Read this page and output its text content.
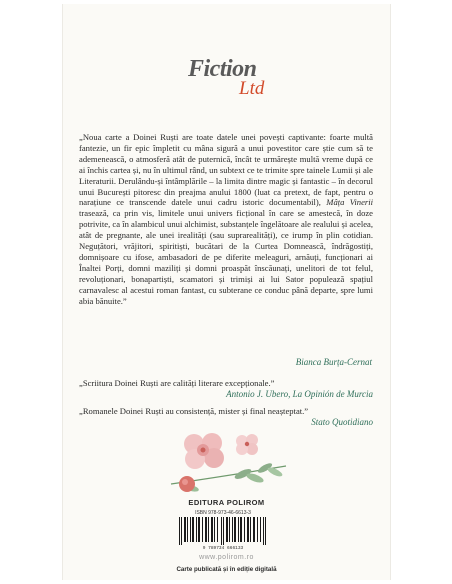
Fiction
Ltd
„Noua carte a Doinei Ruști are toate datele unei povești captivante: foarte multă fantezie, un fir epic împletit cu mâna sigură a unui povestitor care știe cum să te ademenească, o atmosferă atât de puternică, încât te urmărește multă vreme după ce ai închis cartea și, nu în ultimul rând, un subtext ce te trimite spre tainele Lumii și ale Literaturii. Derulându-și întâmplările – la limita dintre magic și fantastic – în decorul unui București pitoresc din preajma anului 1800 (luat ca pretext, de fapt, pentru o narațiune ce transcende datele unui cadru istoric documentabil), Mâța Vinerii trasează, ca prin vis, limitele unui univers ficțional în care se amestecă, în doze potrivite, ca în alambicul unui alchimist, substanțele îngelătoare ale realului și acelea, atât de pregnante, ale unei irealități (sau suprarealități), ce irump în plin cotidian. Neguțători, vrăjitori, spiritiști, bucătari de la Curtea Domnească, îndrăgostiți, domnișoare cu ifose, ambasadori de pe diferite meleaguri, arnăuți, funcționari ai Înaltei Porți, domni maziliți și domni proaspăt înscăunați, unelitori de tot felul, revoluționari, bonapartiști, scamatori și trimiși ai lui Sator populează spațiul carnavalesc al acestui roman fantast, cu subterane ce conduc până departe, spre lumi abia bănuite.”
Bianca Burța-Cernat
„Scriitura Doinei Ruști are calități literare excepționale.”
Antonio J. Ubero, La Opinión de Murcia
„Romanele Doinei Ruști au consistență, mister și final neașteptat.”
Stato Quotidiano
EDITURA POLIROM
ISBN 978-973-46-6613-3
9 789734 666133
www.polirom.ro
Carte publicată și în ediție digitală
